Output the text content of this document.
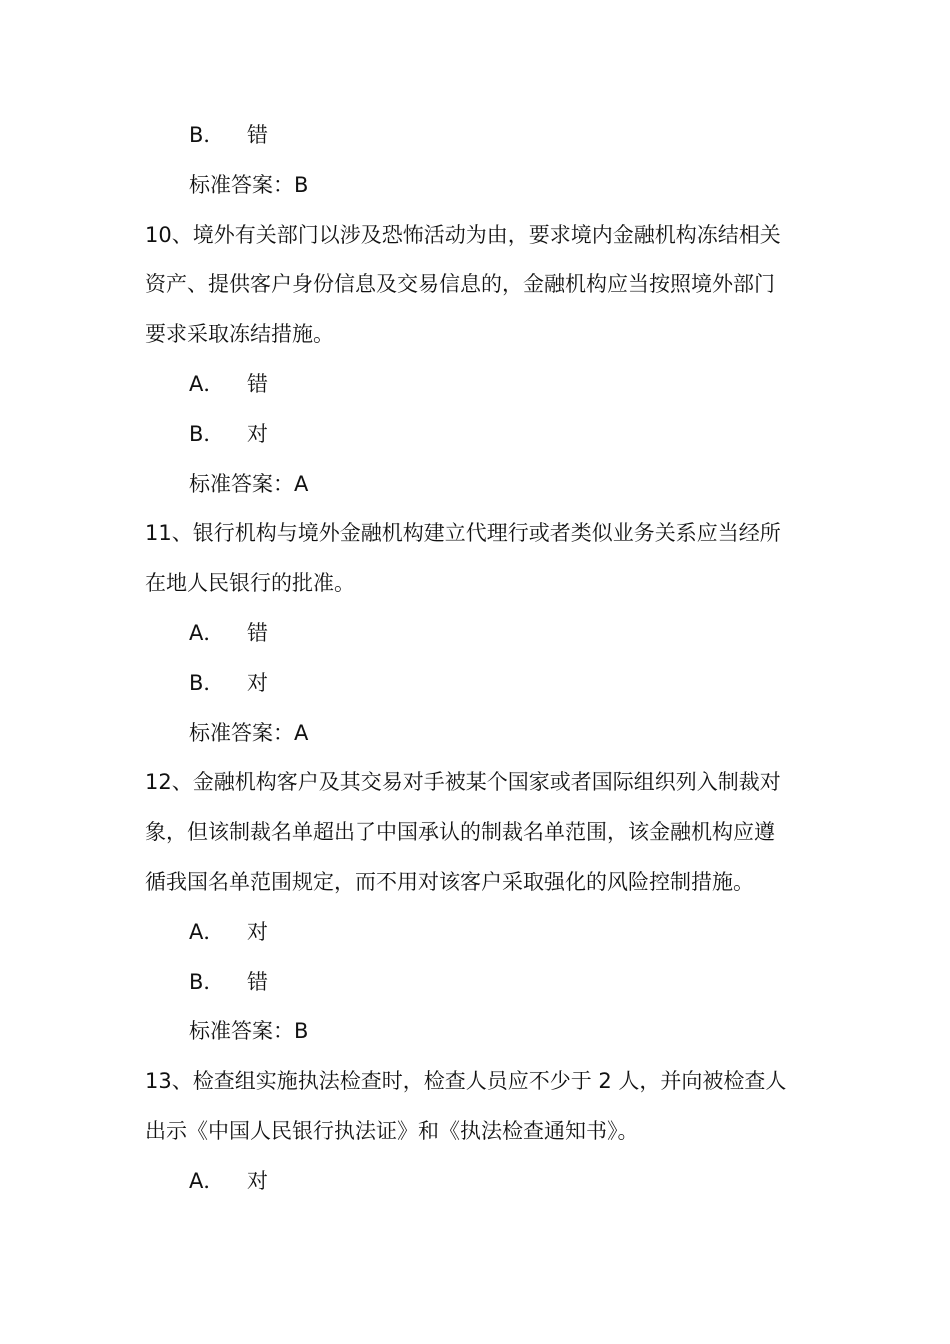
B． 错
标准答案：B
10、境外有关部门以涉及恐怖活动为由，要求境内金融机构冻结相关
资产、提供客户身份信息及交易信息的，金融机构应当按照境外部门
要求采取冻结措施。
A． 错
B． 对
标准答案：A
11、银行机构与境外金融机构建立代理行或者类似业务关系应当经所
在地人民银行的批准。
A． 错
B． 对
标准答案：A
12、金融机构客户及其交易对手被某个国家或者国际组织列入制裁对
象，但该制裁名单超出了中国承认的制裁名单范围，该金融机构应遵
循我国名单范围规定，而不用对该客户采取强化的风险控制措施。
A． 对
B． 错
标准答案：B
13、检查组实施执法检查时，检查人员应不少于 2 人，并向被检查人
出示《中国人民银行执法证》和《执法检查通知书》。
A． 对
